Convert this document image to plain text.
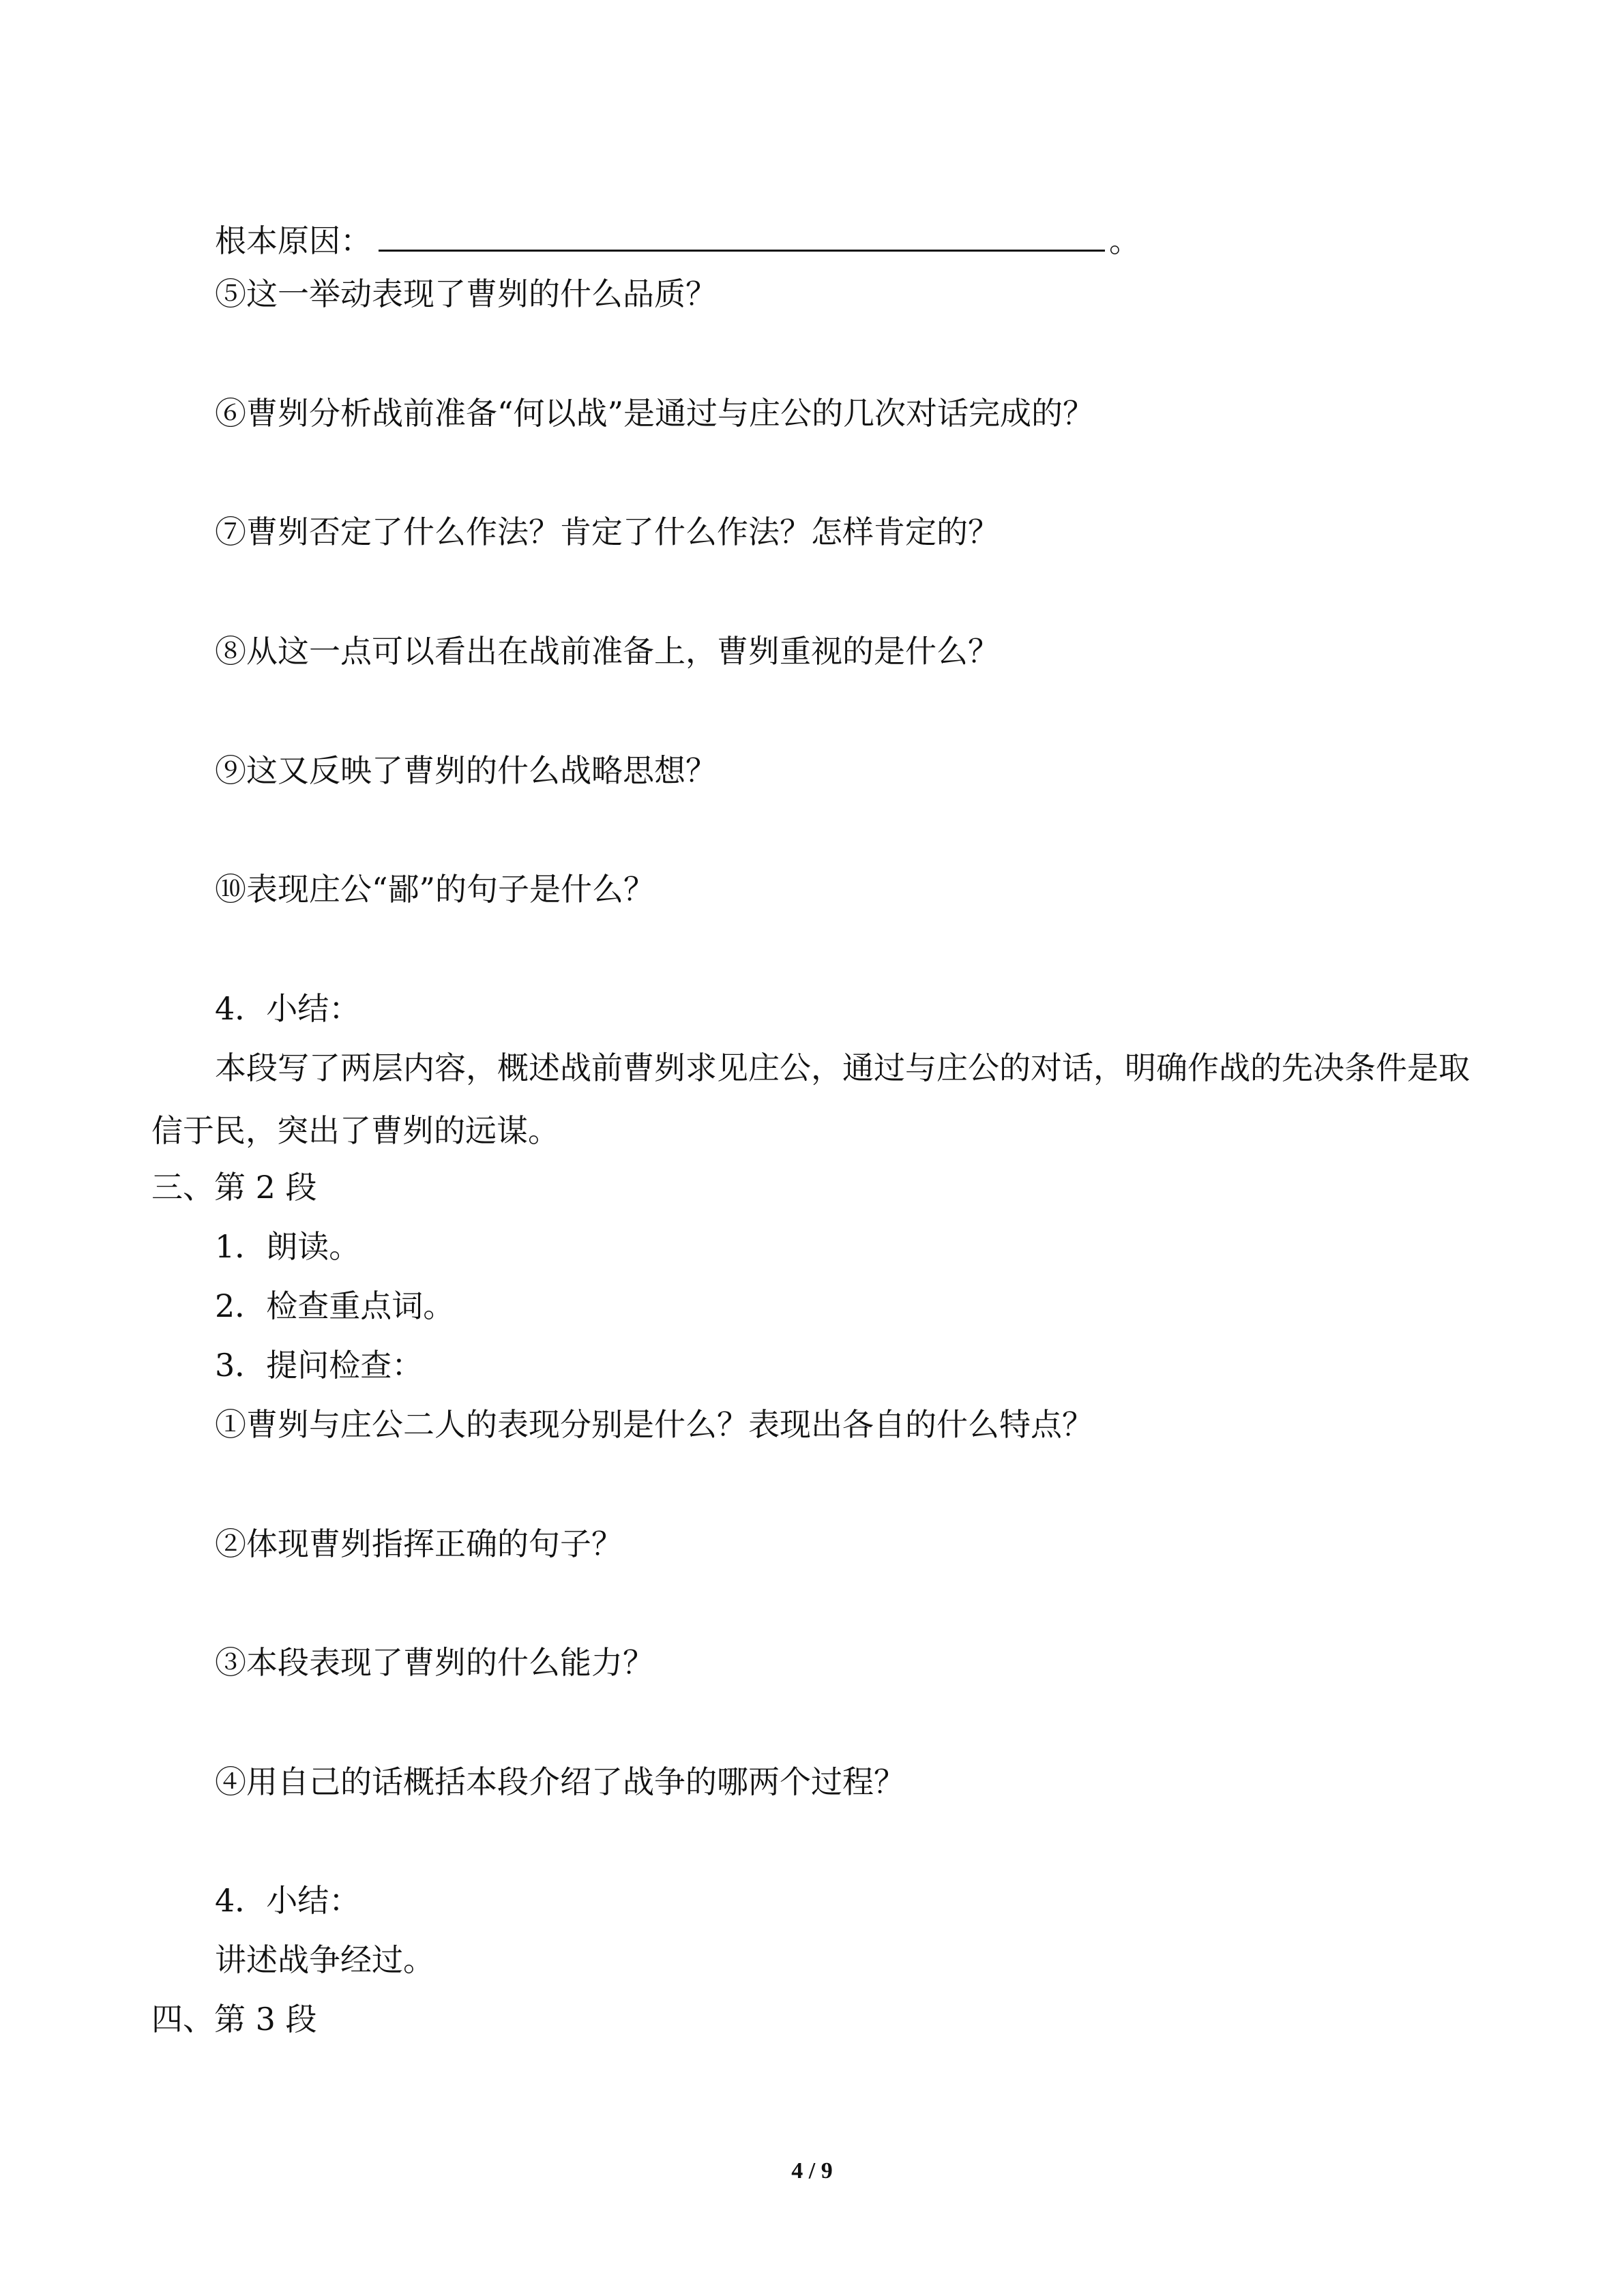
根本原因：	。
⑤这一举动表现了曹刿的什么品质？
⑥曹刿分析战前准备“何以战”是通过与庄公的几次对话完成的？
⑦曹刿否定了什么作法？肯定了什么作法？怎样肯定的？
⑧从这一点可以看出在战前准备上，曹刿重视的是什么？
⑨这又反映了曹刿的什么战略思想？
⑩表现庄公“鄙”的句子是什么？
4．小结：
本段写了两层内容，概述战前曹刿求见庄公，通过与庄公的对话，明确作战的先决条件是取信于民，突出了曹刿的远谋。
三、第 2 段
1．朗读。
2．检查重点词。
3．提问检查：
①曹刿与庄公二人的表现分别是什么？表现出各自的什么特点？
②体现曹刿指挥正确的句子？
③本段表现了曹刿的什么能力？
④用自己的话概括本段介绍了战争的哪两个过程？
4．小结：
讲述战争经过。
四、第 3 段
4 / 9
